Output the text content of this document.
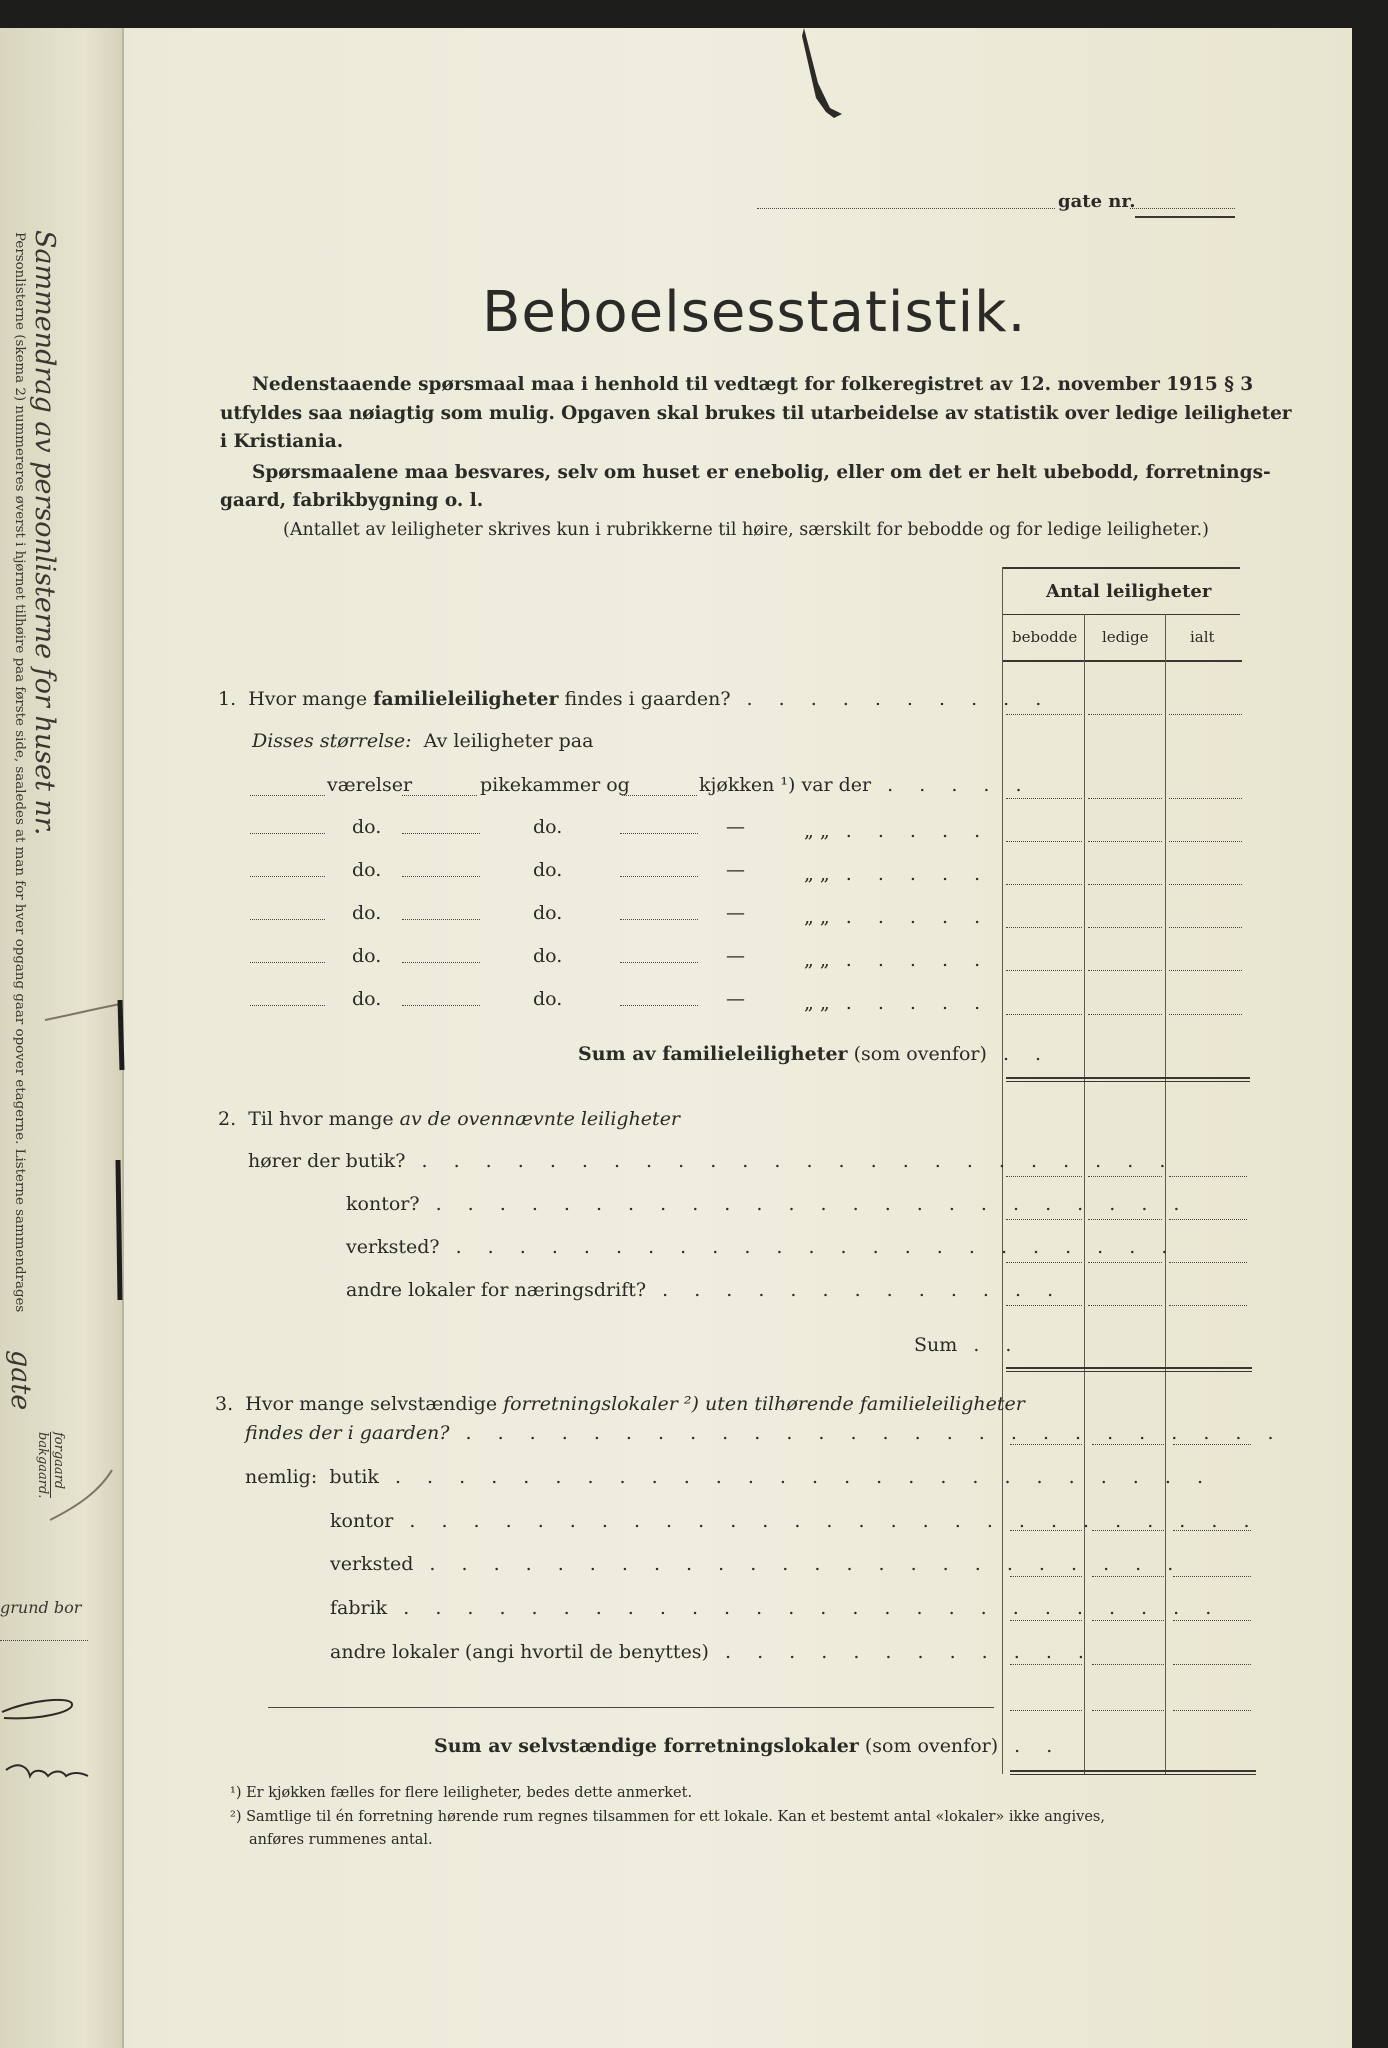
Sammendrag av personlisterne for huset nr.
Personlisterne (skema 2) nummereres øverst i hjørnet tilhøire paa første side, saaledes at man for hver opgang gaar opover etagerne. Listerne sammendrages
gate
forgaard
bakgaard.
grund bor
gate nr.
Beboelsesstatistik.
Nedenstaaende spørsmaal maa i henhold til vedtægt for folkeregistret av 12. november 1915 § 3
utfyldes saa nøiagtig som mulig. Opgaven skal brukes til utarbeidelse av statistik over ledige leiligheter
i Kristiania.
Spørsmaalene maa besvares, selv om huset er enebolig, eller om det er helt ubebodd, forretnings-
gaard, fabrikbygning o. l.
(Antallet av leiligheter skrives kun i rubrikkerne til høire, særskilt for bebodde og for ledige leiligheter.)
Antal leiligheter
bebodde ledige	ialt
1. Hvor mange familieleiligheter findes i gaarden? . . . . . . . . . .
Disses størrelse: Av leiligheter paa
værelser	pikekammer og	kjøkken ¹) var der . . . . .
do.	do.	—	„ „ . . . . .
do.	do.	—	„ „ . . . . .
do.	do.	—	„ „ . . . . .
do.	do.	—	„ „ . . . . .
do.	do.	—	„ „ . . . . .
Sum av familieleiligheter (som ovenfor) . .
2. Til hvor mange av de ovennævnte leiligheter
hører der butik? . . . . . . . . . . . . . . . . . . . . . . . .
kontor? . . . . . . . . . . . . . . . . . . . . . . . .
verksted? . . . . . . . . . . . . . . . . . . . . . . .
andre lokaler for næringsdrift? . . . . . . . . . . . . .
Sum . .
3. Hvor mange selvstændige forretningslokaler ²) uten tilhørende familieleiligheter
findes der i gaarden? . . . . . . . . . . . . . . . . . . . . . . . . . .
nemlig: butik . . . . . . . . . . . . . . . . . . . . . . . . . .
kontor . . . . . . . . . . . . . . . . . . . . . . . . . . .
verksted . . . . . . . . . . . . . . . . . . . . . . . .
fabrik . . . . . . . . . . . . . . . . . . . . . . . . . .
andre lokaler (angi hvortil de benyttes) . . . . . . . . . . . .
Sum av selvstændige forretningslokaler (som ovenfor) . .
¹) Er kjøkken fælles for flere leiligheter, bedes dette anmerket.
²) Samtlige til én forretning hørende rum regnes tilsammen for ett lokale. Kan et bestemt antal «lokaler» ikke angives,
anføres rummenes antal.
